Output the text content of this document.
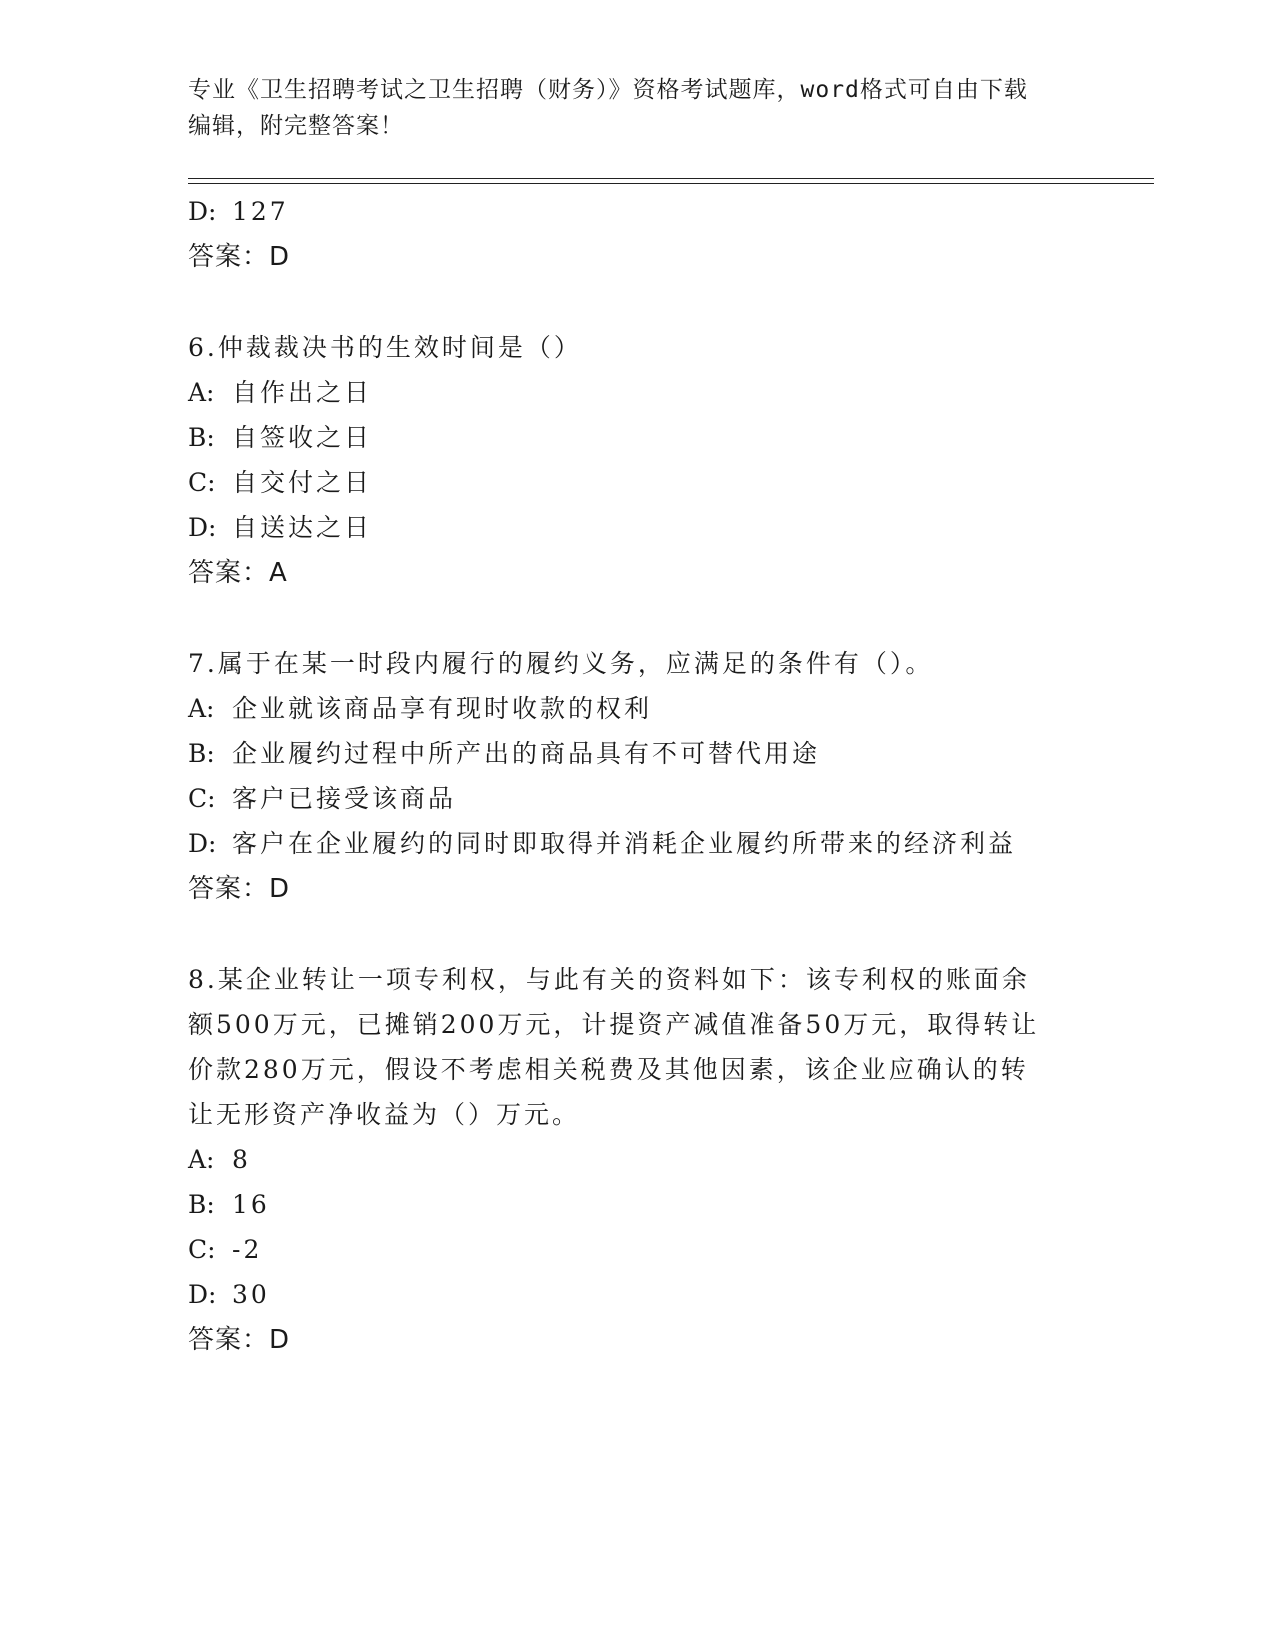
专业《卫生招聘考试之卫生招聘（财务）》资格考试题库，word格式可自由下载
编辑，附完整答案！
D: 127
答案：D
6.仲裁裁决书的生效时间是（）
A: 自作出之日
B: 自签收之日
C: 自交付之日
D: 自送达之日
答案：A
7.属于在某一时段内履行的履约义务，应满足的条件有（）。
A: 企业就该商品享有现时收款的权利
B: 企业履约过程中所产出的商品具有不可替代用途
C: 客户已接受该商品
D: 客户在企业履约的同时即取得并消耗企业履约所带来的经济利益
答案：D
8.某企业转让一项专利权，与此有关的资料如下：该专利权的账面余
额500万元，已摊销200万元，计提资产减值准备50万元，取得转让
价款280万元，假设不考虑相关税费及其他因素，该企业应确认的转
让无形资产净收益为（）万元。
A: 8
B: 16
C: -2
D: 30
答案：D
